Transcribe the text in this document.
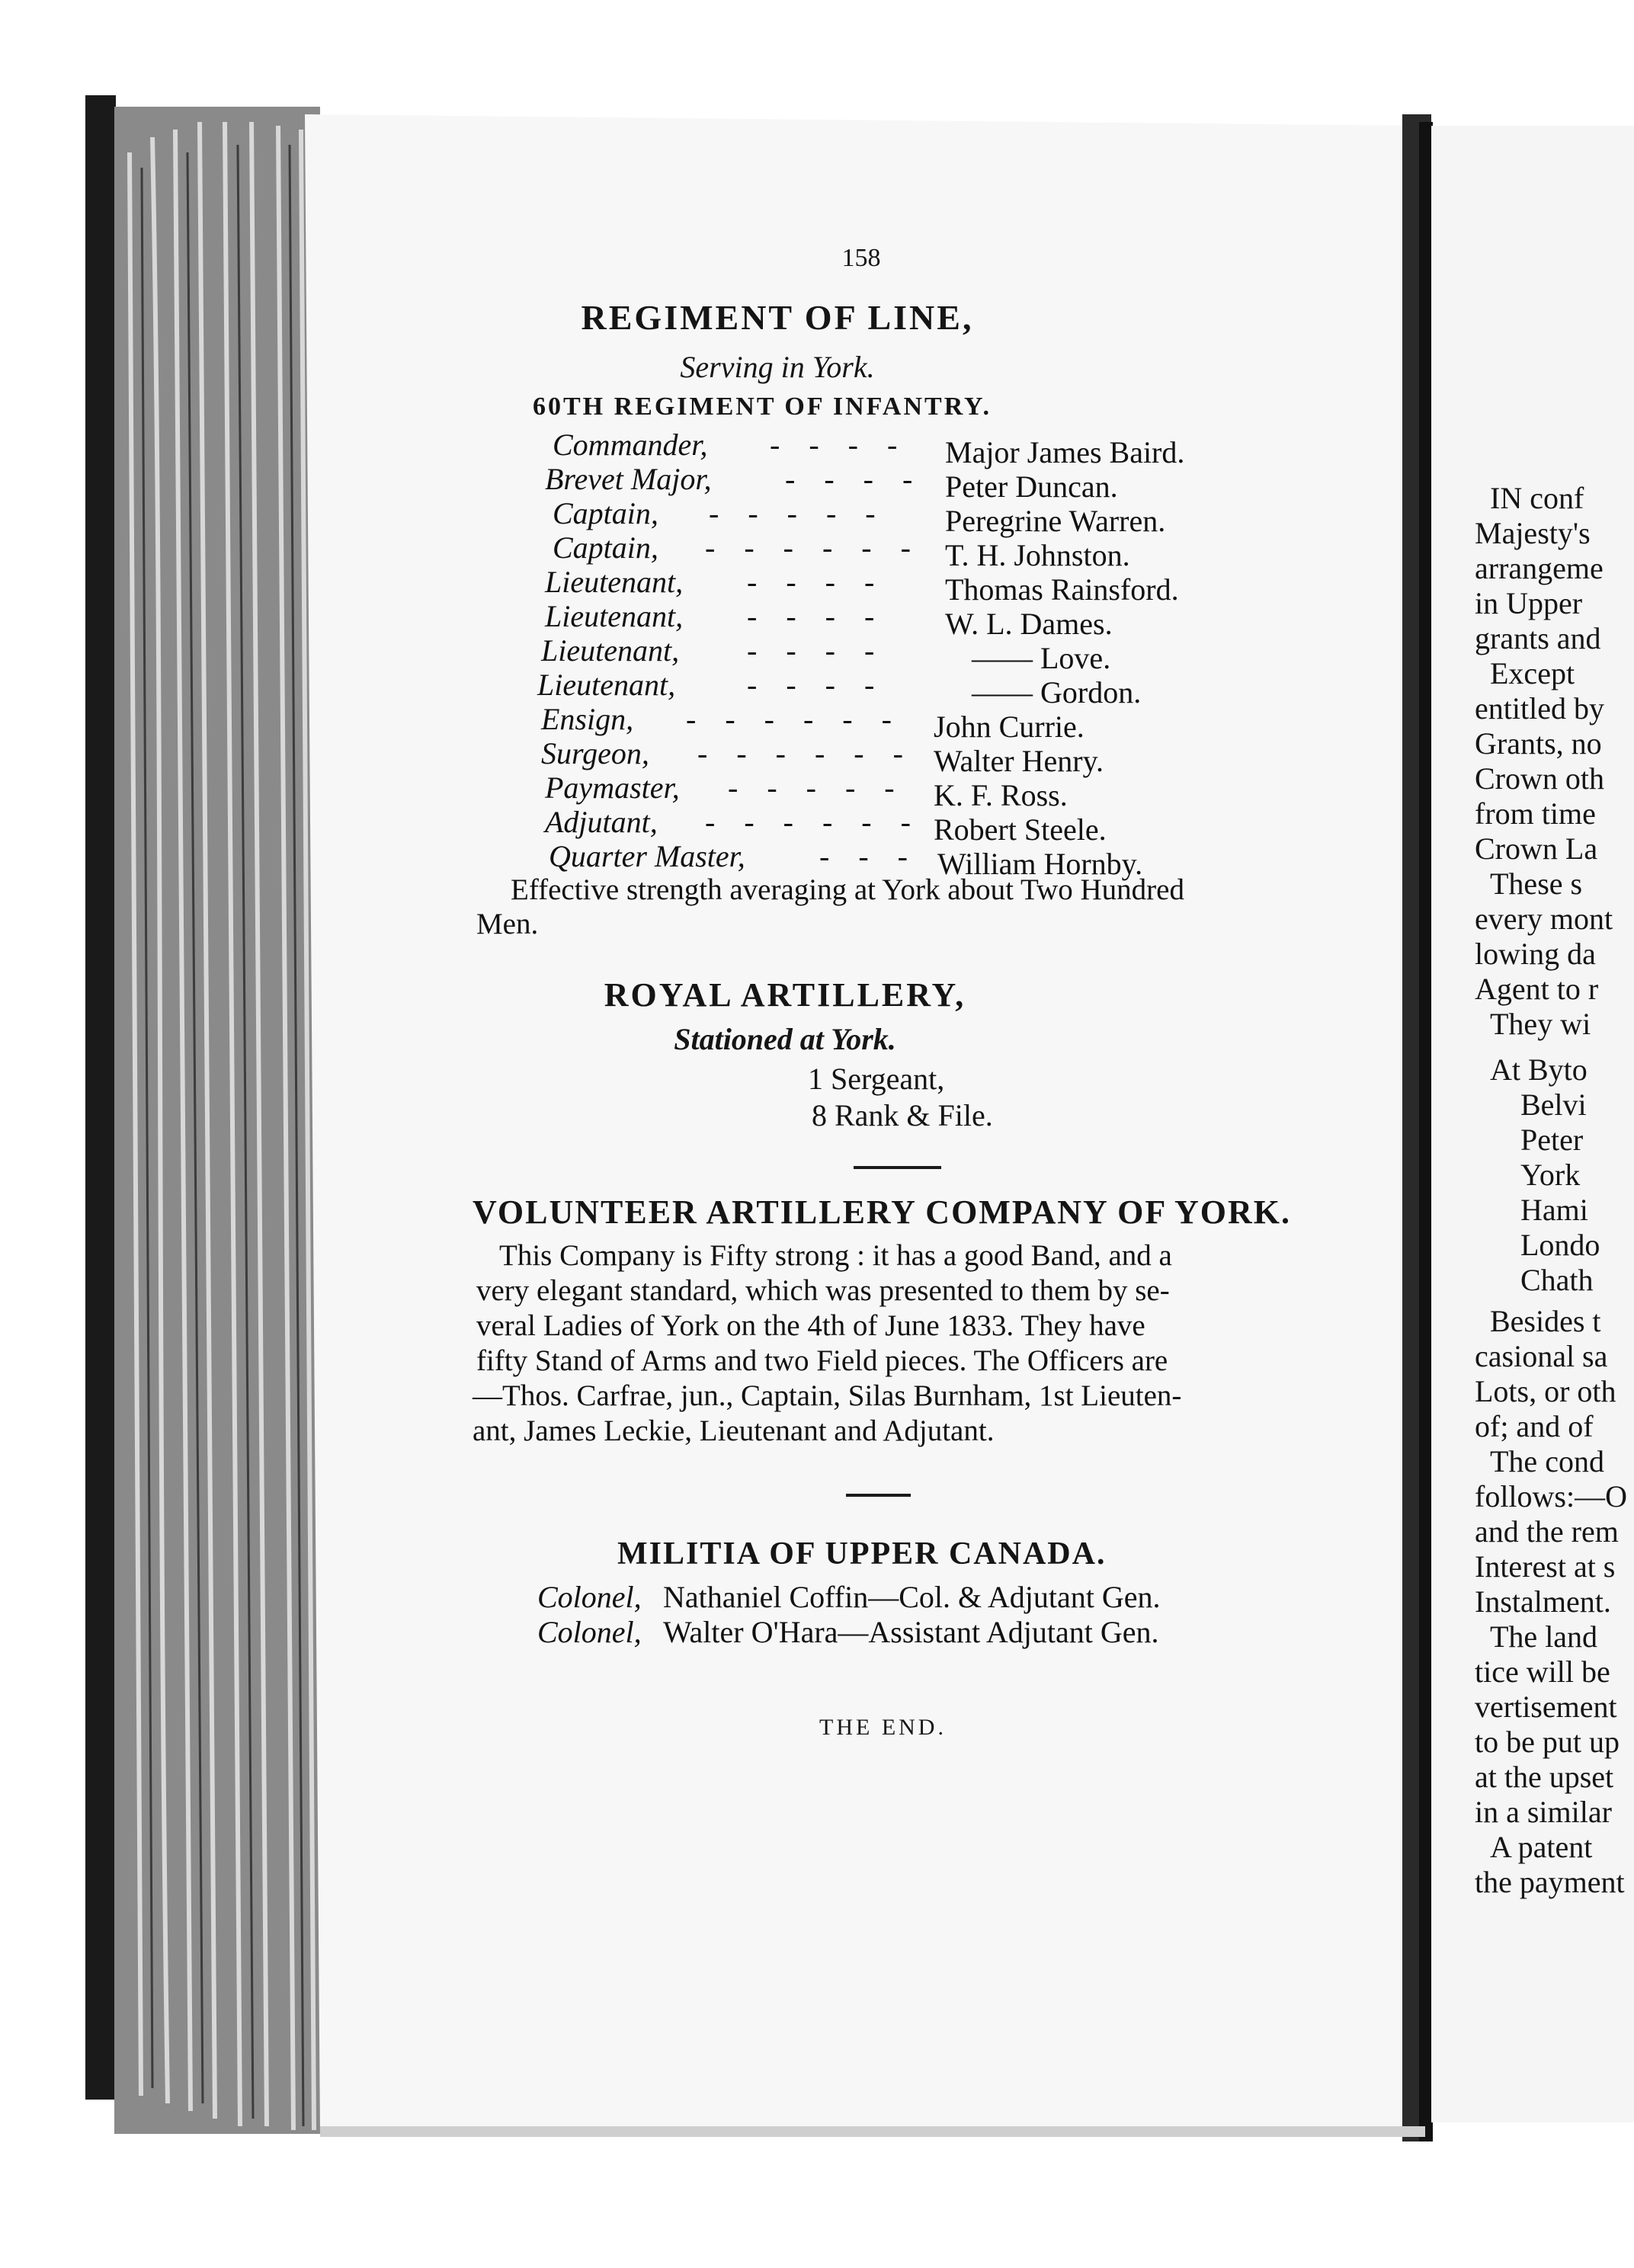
158
REGIMENT OF LINE,
Serving in York.
60TH REGIMENT OF INFANTRY.
Commander, - - - - Major James Baird.
Brevet Major, - - - - Peter Duncan.
Captain, - - - - - Peregrine Warren.
Captain, - - - - - - T. H. Johnston.
Lieutenant, - - - - Thomas Rainsford.
Lieutenant, - - - - W. L. Dames.
Lieutenant, - - - -	—— Love.
Lieutenant, - - - -	—— Gordon.
Ensign, - - - - - - John Currie.
Surgeon, - - - - - - Walter Henry.
Paymaster, - - - - - K. F. Ross.
Adjutant, - - - - - - Robert Steele.
Quarter Master, - - - William Hornby.
Effective strength averaging at York about Two Hundred
Men.
ROYAL ARTILLERY,
Stationed at York.
1 Sergeant,
8 Rank & File.
VOLUNTEER ARTILLERY COMPANY OF YORK.
This Company is Fifty strong : it has a good Band, and a
very elegant standard, which was presented to them by se-
veral Ladies of York on the 4th of June 1833. They have
fifty Stand of Arms and two Field pieces. The Officers are
—Thos. Carfrae, jun., Captain, Silas Burnham, 1st Lieuten-
ant, James Leckie, Lieutenant and Adjutant.
MILITIA OF UPPER CANADA.
Colonel, Nathaniel Coffin—Col. & Adjutant Gen.
Colonel, Walter O'Hara—Assistant Adjutant Gen.
THE END.
IN conf
Majesty's
arrangeme
in Upper
grants and
Except
entitled by
Grants, no
Crown oth
from time
Crown La
These s
every mont
lowing da
Agent to r
They wi
At Byto
Belvi
Peter
York
Hami
Londo
Chath
Besides t
casional sa
Lots, or oth
of; and of
The cond
follows:—O
and the rem
Interest at s
Instalment.
The land
tice will be
vertisement
to be put up
at the upset
in a similar
A patent
the payment
